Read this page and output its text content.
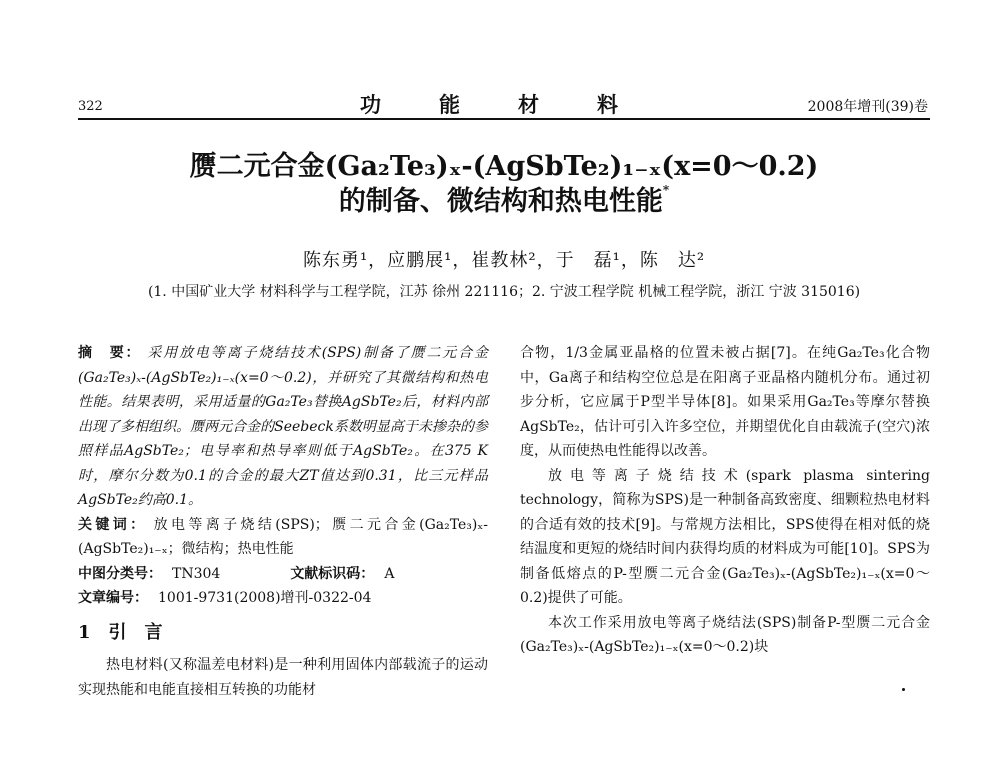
322	功能材料	2008年增刊(39)卷
赝二元合金(Ga₂Te₃)ₓ-(AgSbTe₂)₁₋ₓ(x=0～0.2)
的制备、微结构和热电性能*
陈东勇¹，应鹏展¹，崔教林²，于　磊¹，陈　达²
(1. 中国矿业大学 材料科学与工程学院，江苏 徐州 221116；2. 宁波工程学院 机械工程学院，浙江 宁波 315016)

摘　要： 采用放电等离子烧结技术(SPS)制备了赝二元合金(Ga₂Te₃)ₓ-(AgSbTe₂)₁₋ₓ(x=0～0.2)，并研究了其微结构和热电性能。结果表明，采用适量的Ga₂Te₃替换AgSbTe₂后，材料内部出现了多相组织。赝两元合金的Seebeck系数明显高于未掺杂的参照样品AgSbTe₂；电导率和热导率则低于AgSbTe₂。在375 K时，摩尔分数为0.1的合金的最大ZT值达到0.31，比三元样品AgSbTe₂约高0.1。

关键词： 放电等离子烧结(SPS)；赝二元合金(Ga₂Te₃)ₓ-(AgSbTe₂)₁₋ₓ；微结构；热电性能

中图分类号： TN304	文献标识码： A

文章编号： 1001-9731(2008)增刊-0322-04

1　引　言

热电材料(又称温差电材料)是一种利用固体内部载流子的运动实现热能和电能直接相互转换的功能材

合物，1/3金属亚晶格的位置未被占据[7]。在纯Ga₂Te₃化合物中，Ga离子和结构空位总是在阳离子亚晶格内随机分布。通过初步分析，它应属于P型半导体[8]。如果采用Ga₂Te₃等摩尔替换AgSbTe₂，估计可引入许多空位，并期望优化自由载流子(空穴)浓度，从而使热电性能得以改善。

放电等离子烧结技术(spark plasma sintering technology，简称为SPS)是一种制备高致密度、细颗粒热电材料的合适有效的技术[9]。与常规方法相比，SPS使得在相对低的烧结温度和更短的烧结时间内获得均质的材料成为可能[10]。SPS为制备低熔点的P-型赝二元合金(Ga₂Te₃)ₓ-(AgSbTe₂)₁₋ₓ(x=0～0.2)提供了可能。

本次工作采用放电等离子烧结法(SPS)制备P-型赝二元合金(Ga₂Te₃)ₓ-(AgSbTe₂)₁₋ₓ(x=0～0.2)块
